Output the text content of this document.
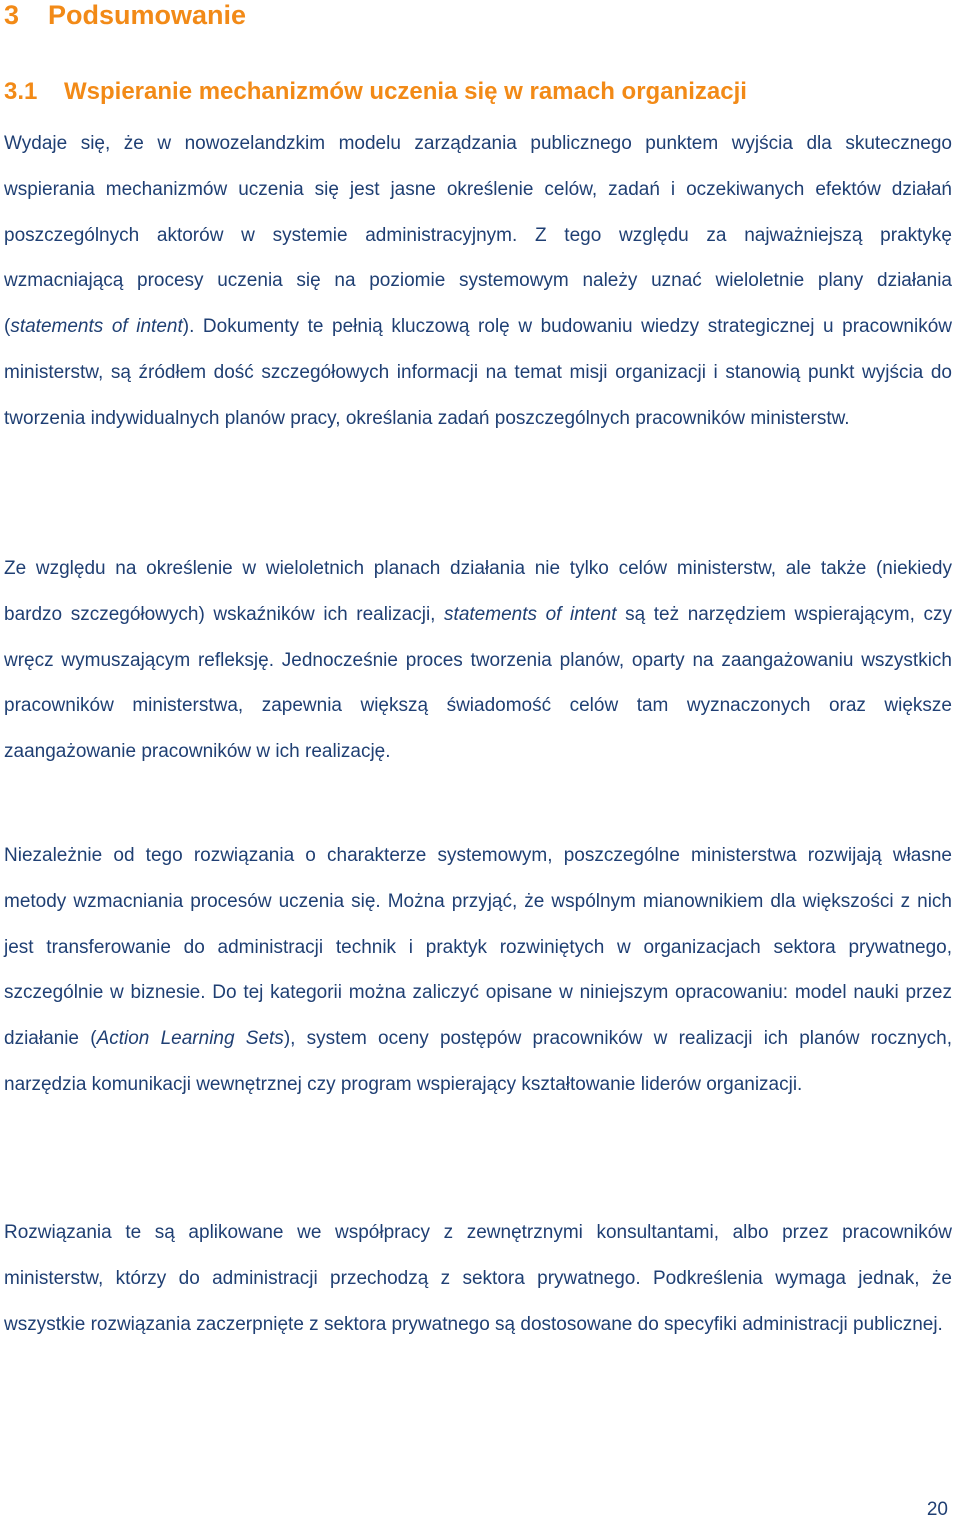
3 Podsumowanie
3.1 Wspieranie mechanizmów uczenia się w ramach organizacji

Wydaje się, że w nowozelandzkim modelu zarządzania publicznego punktem wyjścia dla skutecznego wspierania mechanizmów uczenia się jest jasne określenie celów, zadań i oczekiwanych efektów działań poszczególnych aktorów w systemie administracyjnym. Z tego względu za najważniejszą praktykę wzmacniającą procesy uczenia się na poziomie systemowym należy uznać wieloletnie plany działania (statements of intent). Dokumenty te pełnią kluczową rolę w budowaniu wiedzy strategicznej u pracowników ministerstw, są źródłem dość szczegółowych informacji na temat misji organizacji i stanowią punkt wyjścia do tworzenia indywidualnych planów pracy, określania zadań poszczególnych pracowników ministerstw.

Ze względu na określenie w wieloletnich planach działania nie tylko celów ministerstw, ale także (niekiedy bardzo szczegółowych) wskaźników ich realizacji, statements of intent są też narzędziem wspierającym, czy wręcz wymuszającym refleksję. Jednocześnie proces tworzenia planów, oparty na zaangażowaniu wszystkich pracowników ministerstwa, zapewnia większą świadomość celów tam wyznaczonych oraz większe zaangażowanie pracowników w ich realizację.

Niezależnie od tego rozwiązania o charakterze systemowym, poszczególne ministerstwa rozwijają własne metody wzmacniania procesów uczenia się. Można przyjąć, że wspólnym mianownikiem dla większości z nich jest transferowanie do administracji technik i praktyk rozwiniętych w organizacjach sektora prywatnego, szczególnie w biznesie. Do tej kategorii można zaliczyć opisane w niniejszym opracowaniu: model nauki przez działanie (Action Learning Sets), system oceny postępów pracowników w realizacji ich planów rocznych, narzędzia komunikacji wewnętrznej czy program wspierający kształtowanie liderów organizacji.

Rozwiązania te są aplikowane we współpracy z zewnętrznymi konsultantami, albo przez pracowników ministerstw, którzy do administracji przechodzą z sektora prywatnego. Podkreślenia wymaga jednak, że wszystkie rozwiązania zaczerpnięte z sektora prywatnego są dostosowane do specyfiki administracji publicznej.

20
